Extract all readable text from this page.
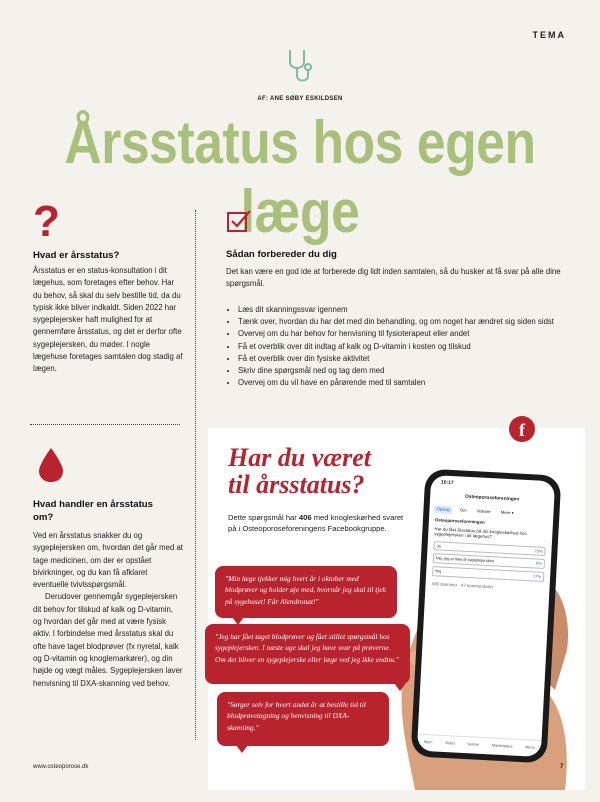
TEMA
AF: ANE SØBY ESKILDSEN
Årsstatus hos egen læge
?
Hvad er årsstatus?

Årsstatus er en status-konsultation i dit lægehus, som foretages efter behov. Har du behov, så skal du selv bestille tid, da du typisk ikke bliver indkaldt. Siden 2022 har sygeplejersker haft mulighed for at gennemføre årsstatus, og det er derfor ofte sygeplejersken, du møder. I nogle lægehuse foretages samtalen dog stadig af lægen.

Hvad handler en årsstatus om?

Ved en årsstatus snakker du og sygeplejersken om, hvordan det går med at tage medicinen, om der er opstået bivirkninger, og du kan få afklaret eventuelle tvivlsspørgsmål.

Derudover gennemgår sygeplejersken dit behov for tilskud af kalk og D-vitamin, og hvordan det går med at være fysisk aktiv. I forbindelse med årsstatus skal du ofte have taget blodprøver (fx nyretal, kalk og D-vitamin og knoglemarkører), og din højde og vægt måles. Sygeplejersken laver henvisning til DXA-skanning ved behov.

Sådan forbereder du dig

Det kan være en god ide at forberede dig lidt inden samtalen, så du husker at få svar på alle dine spørgsmål.

• Læs dit skanningssvar igennem
• Tænk over, hvordan du har det med din behandling, og om noget har ændret sig siden sidst
• Overvej om du har behov for henvisning til fysioterapeut eller andet
• Få et overblik over dit indtag af kalk og D-vitamin i kosten og tilskud
• Få et overblik over din fysiske aktivitet
• Skriv dine spørgsmål ned og tag dem med
• Overvej om du vil have en pårørende med til samtalen
f
Har du været
til årsstatus?
Dette spørgsmål har 406 med knogleskørhed svaret på i Osteoporoseforeningens Facebookgruppe.
10:17
Osteoporoseforeningen
Opslag	Om	Videoer	Mere ▾
Osteoporoseforeningen
Har du fået årsstatus på din knogleskørhed hos sygeplejersken i dit lægehus?
Ja
75%
Nej, jeg er ikke til sygeplejersken	8%
Nej
17%
406 stemmer · 47 kommentarer
Hjem	Video	Venner	Marketplace	Menu
"Min læge tjekker mig hvert år i oktober med blodprøver og holder øje med, hvornår jeg skal til tjek på sygehuset! Får Alendronat!"
"Jeg har fået taget blodprøver og fået stillet spørgsmål hos sygeplejersken. I næste uge skal jeg have svar på prøverne. Om det bliver en sygeplejerske eller læge ved jeg ikke endnu."
"Sørger selv for hvert andet år at bestille tid til blodprøvetagning og henvisning til DXA-skanning."
www.osteoporose.dk	7
